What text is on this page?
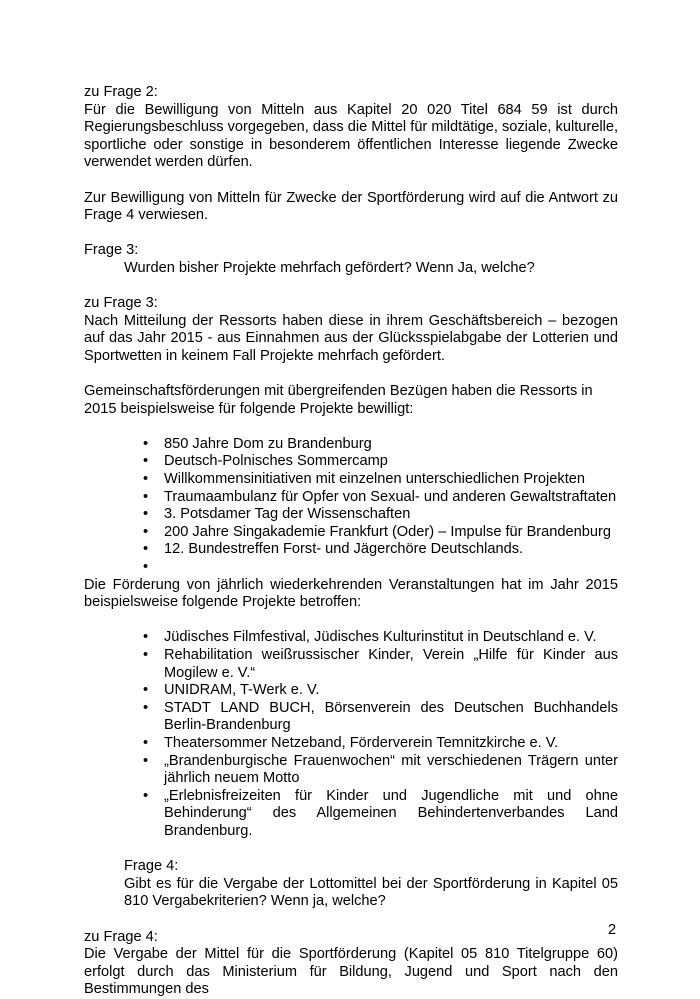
zu Frage 2:

Für die Bewilligung von Mitteln aus Kapitel 20 020 Titel 684 59 ist durch Regierungsbeschluss vorgegeben, dass die Mittel für mildtätige, soziale, kulturelle, sportliche oder sonstige in besonderem öffentlichen Interesse liegende Zwecke verwendet werden dürfen.

Zur Bewilligung von Mitteln für Zwecke der Sportförderung wird auf die Antwort zu Frage 4 verwiesen.

Frage 3:

Wurden bisher Projekte mehrfach gefördert? Wenn Ja, welche?

zu Frage 3:

Nach Mitteilung der Ressorts haben diese in ihrem Geschäftsbereich – bezogen auf das Jahr 2015 - aus Einnahmen aus der Glücksspielabgabe der Lotterien und Sportwetten in keinem Fall Projekte mehrfach gefördert.

Gemeinschaftsförderungen mit übergreifenden Bezügen haben die Ressorts in 2015 beispielsweise für folgende Projekte bewilligt:

• 850 Jahre Dom zu Brandenburg
• Deutsch-Polnisches Sommercamp
• Willkommensinitiativen mit einzelnen unterschiedlichen Projekten
• Traumaambulanz für Opfer von Sexual- und anderen Gewaltstraftaten
• 3. Potsdamer Tag der Wissenschaften
• 200 Jahre Singakademie Frankfurt (Oder) – Impulse für Brandenburg
• 12. Bundestreffen Forst- und Jägerchöre Deutschlands.
•

Die Förderung von jährlich wiederkehrenden Veranstaltungen hat im Jahr 2015 beispielsweise folgende Projekte betroffen:

• Jüdisches Filmfestival, Jüdisches Kulturinstitut in Deutschland e. V.
• Rehabilitation weißrussischer Kinder, Verein „Hilfe für Kinder aus Mogilew e. V.“
• UNIDRAM, T-Werk e. V.
• STADT LAND BUCH, Börsenverein des Deutschen Buchhandels Berlin-Brandenburg
• Theatersommer Netzeband, Förderverein Temnitzkirche e. V.
• „Brandenburgische Frauenwochen“ mit verschiedenen Trägern unter jährlich neuem Motto
• „Erlebnisfreizeiten für Kinder und Jugendliche mit und ohne Behinderung“ des Allgemeinen Behindertenverbandes Land Brandenburg.

Frage 4:

Gibt es für die Vergabe der Lottomittel bei der Sportförderung in Kapitel 05 810 Vergabekriterien? Wenn ja, welche?

zu Frage 4:

Die Vergabe der Mittel für die Sportförderung (Kapitel 05 810 Titelgruppe 60) erfolgt durch das Ministerium für Bildung, Jugend und Sport nach den Bestimmungen des

2
